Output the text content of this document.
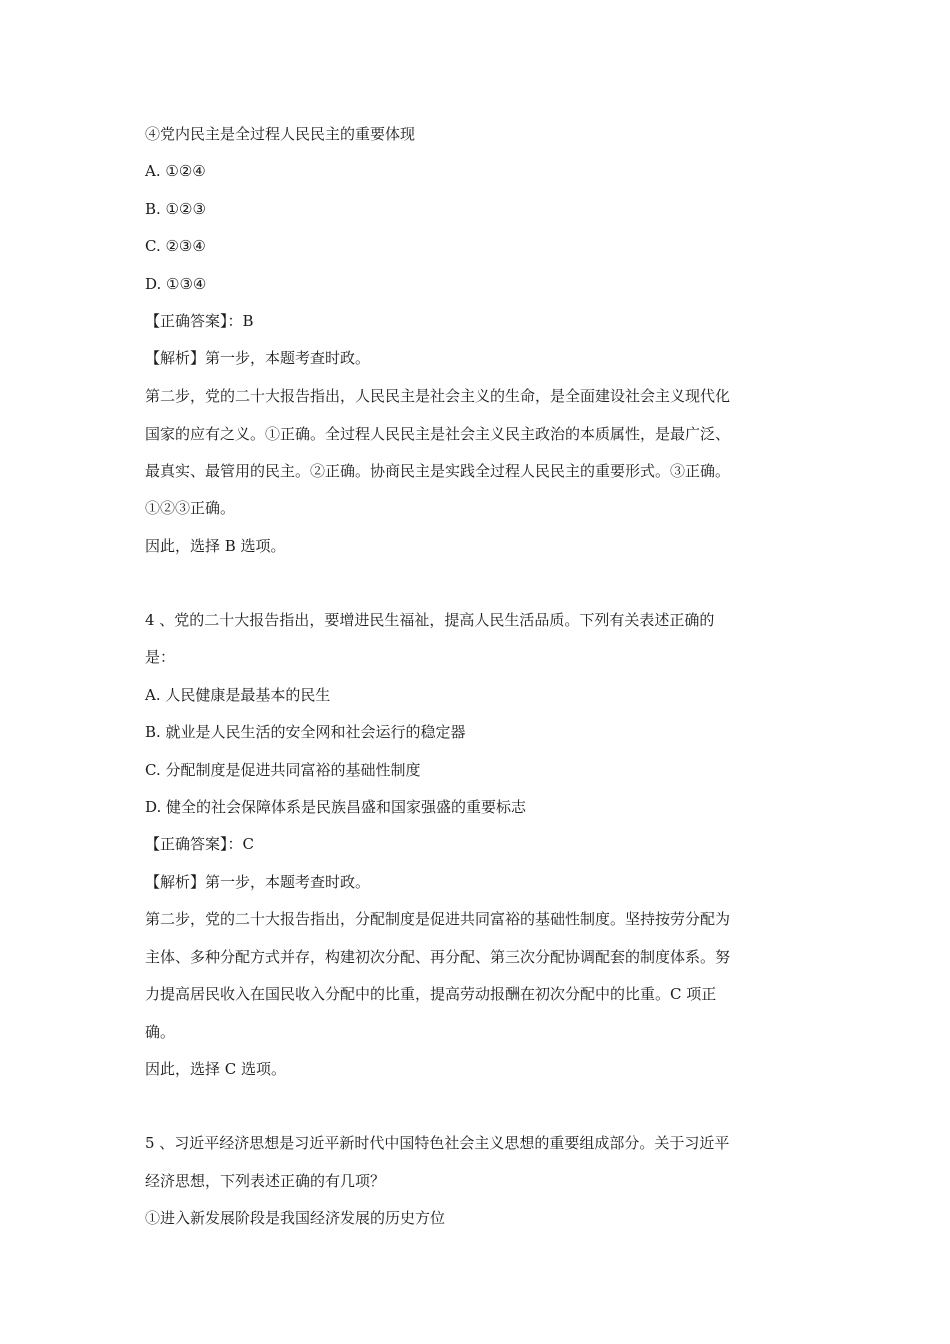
④党内民主是全过程人民民主的重要体现
A. ①②④
B. ①②③
C. ②③④
D. ①③④
【正确答案】：B
【解析】第一步，本题考查时政。
第二步，党的二十大报告指出，人民民主是社会主义的生命，是全面建设社会主义现代化
国家的应有之义。①正确。全过程人民民主是社会主义民主政治的本质属性，是最广泛、
最真实、最管用的民主。②正确。协商民主是实践全过程人民民主的重要形式。③正确。
①②③正确。
因此，选择 B 选项。
4 、党的二十大报告指出，要增进民生福祉，提高人民生活品质。下列有关表述正确的
是：
A. 人民健康是最基本的民生
B. 就业是人民生活的安全网和社会运行的稳定器
C. 分配制度是促进共同富裕的基础性制度
D. 健全的社会保障体系是民族昌盛和国家强盛的重要标志
【正确答案】：C
【解析】第一步，本题考查时政。
第二步，党的二十大报告指出，分配制度是促进共同富裕的基础性制度。坚持按劳分配为
主体、多种分配方式并存，构建初次分配、再分配、第三次分配协调配套的制度体系。努
力提高居民收入在国民收入分配中的比重，提高劳动报酬在初次分配中的比重。C 项正
确。
因此，选择 C 选项。
5 、习近平经济思想是习近平新时代中国特色社会主义思想的重要组成部分。关于习近平
经济思想，下列表述正确的有几项？
①进入新发展阶段是我国经济发展的历史方位
